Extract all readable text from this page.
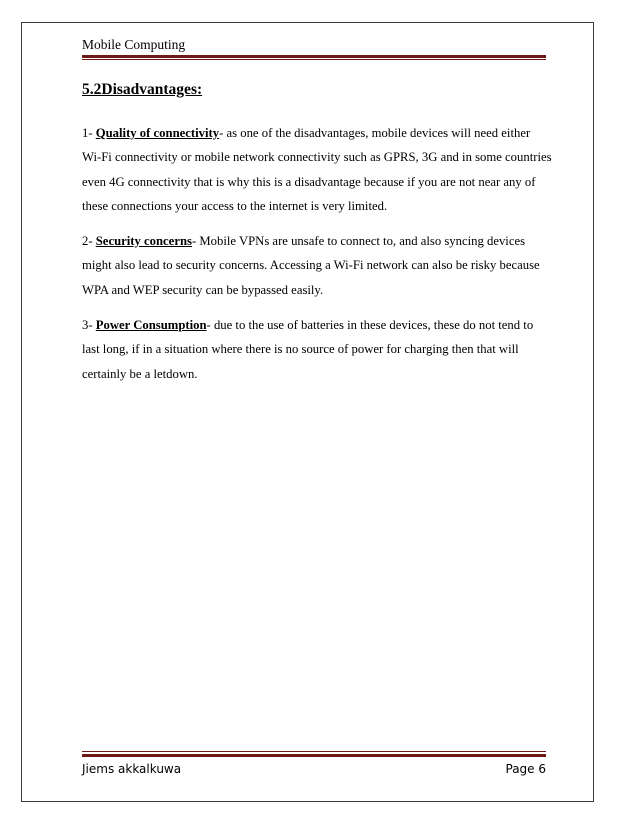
Mobile Computing
5.2Disadvantages:

1- Quality of connectivity- as one of the disadvantages, mobile devices will need either Wi-Fi connectivity or mobile network connectivity such as GPRS, 3G and in some countries even 4G connectivity that is why this is a disadvantage because if you are not near any of these connections your access to the internet is very limited.

2- Security concerns- Mobile VPNs are unsafe to connect to, and also syncing devices might also lead to security concerns. Accessing a Wi-Fi network can also be risky because WPA and WEP security can be bypassed easily.

3- Power Consumption- due to the use of batteries in these devices, these do not tend to last long, if in a situation where there is no source of power for charging then that will certainly be a letdown.

Jiems akkalkuwa	Page 6
